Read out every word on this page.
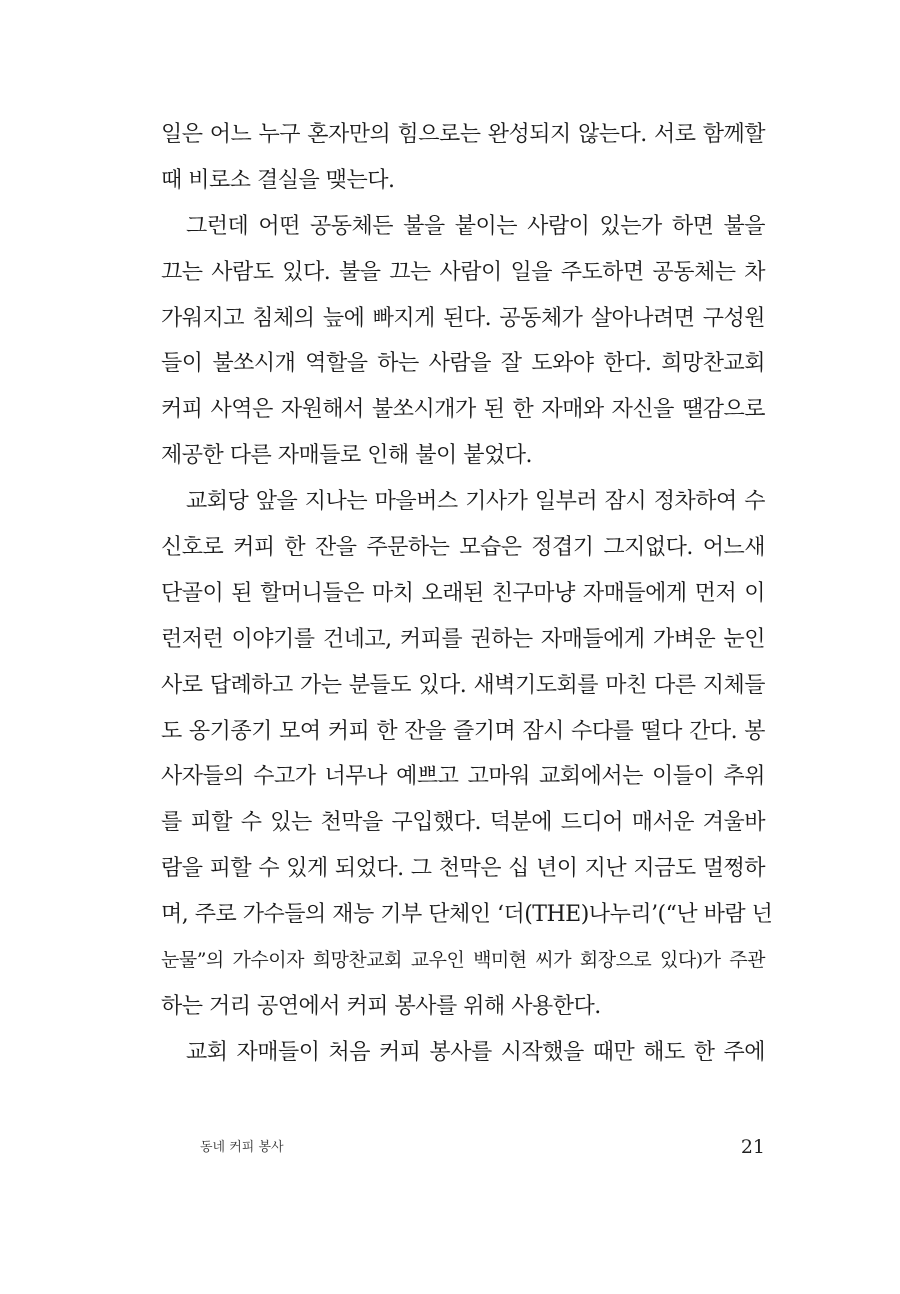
일은 어느 누구 혼자만의 힘으로는 완성되지 않는다. 서로 함께할
때 비로소 결실을 맺는다.
그런데 어떤 공동체든 불을 붙이는 사람이 있는가 하면 불을
끄는 사람도 있다. 불을 끄는 사람이 일을 주도하면 공동체는 차
가워지고 침체의 늪에 빠지게 된다. 공동체가 살아나려면 구성원
들이 불쏘시개 역할을 하는 사람을 잘 도와야 한다. 희망찬교회
커피 사역은 자원해서 불쏘시개가 된 한 자매와 자신을 땔감으로
제공한 다른 자매들로 인해 불이 붙었다.
교회당 앞을 지나는 마을버스 기사가 일부러 잠시 정차하여 수
신호로 커피 한 잔을 주문하는 모습은 정겹기 그지없다. 어느새
단골이 된 할머니들은 마치 오래된 친구마냥 자매들에게 먼저 이
런저런 이야기를 건네고, 커피를 권하는 자매들에게 가벼운 눈인
사로 답례하고 가는 분들도 있다. 새벽기도회를 마친 다른 지체들
도 옹기종기 모여 커피 한 잔을 즐기며 잠시 수다를 떨다 간다. 봉
사자들의 수고가 너무나 예쁘고 고마워 교회에서는 이들이 추위
를 피할 수 있는 천막을 구입했다. 덕분에 드디어 매서운 겨울바
람을 피할 수 있게 되었다. 그 천막은 십 년이 지난 지금도 멀쩡하
며, 주로 가수들의 재능 기부 단체인 ‘더(THE)나누리’(“난 바람 넌
눈물”의 가수이자 희망찬교회 교우인 백미현 씨가 회장으로 있다)가 주관
하는 거리 공연에서 커피 봉사를 위해 사용한다.
교회 자매들이 처음 커피 봉사를 시작했을 때만 해도 한 주에
동네 커피 봉사	21
